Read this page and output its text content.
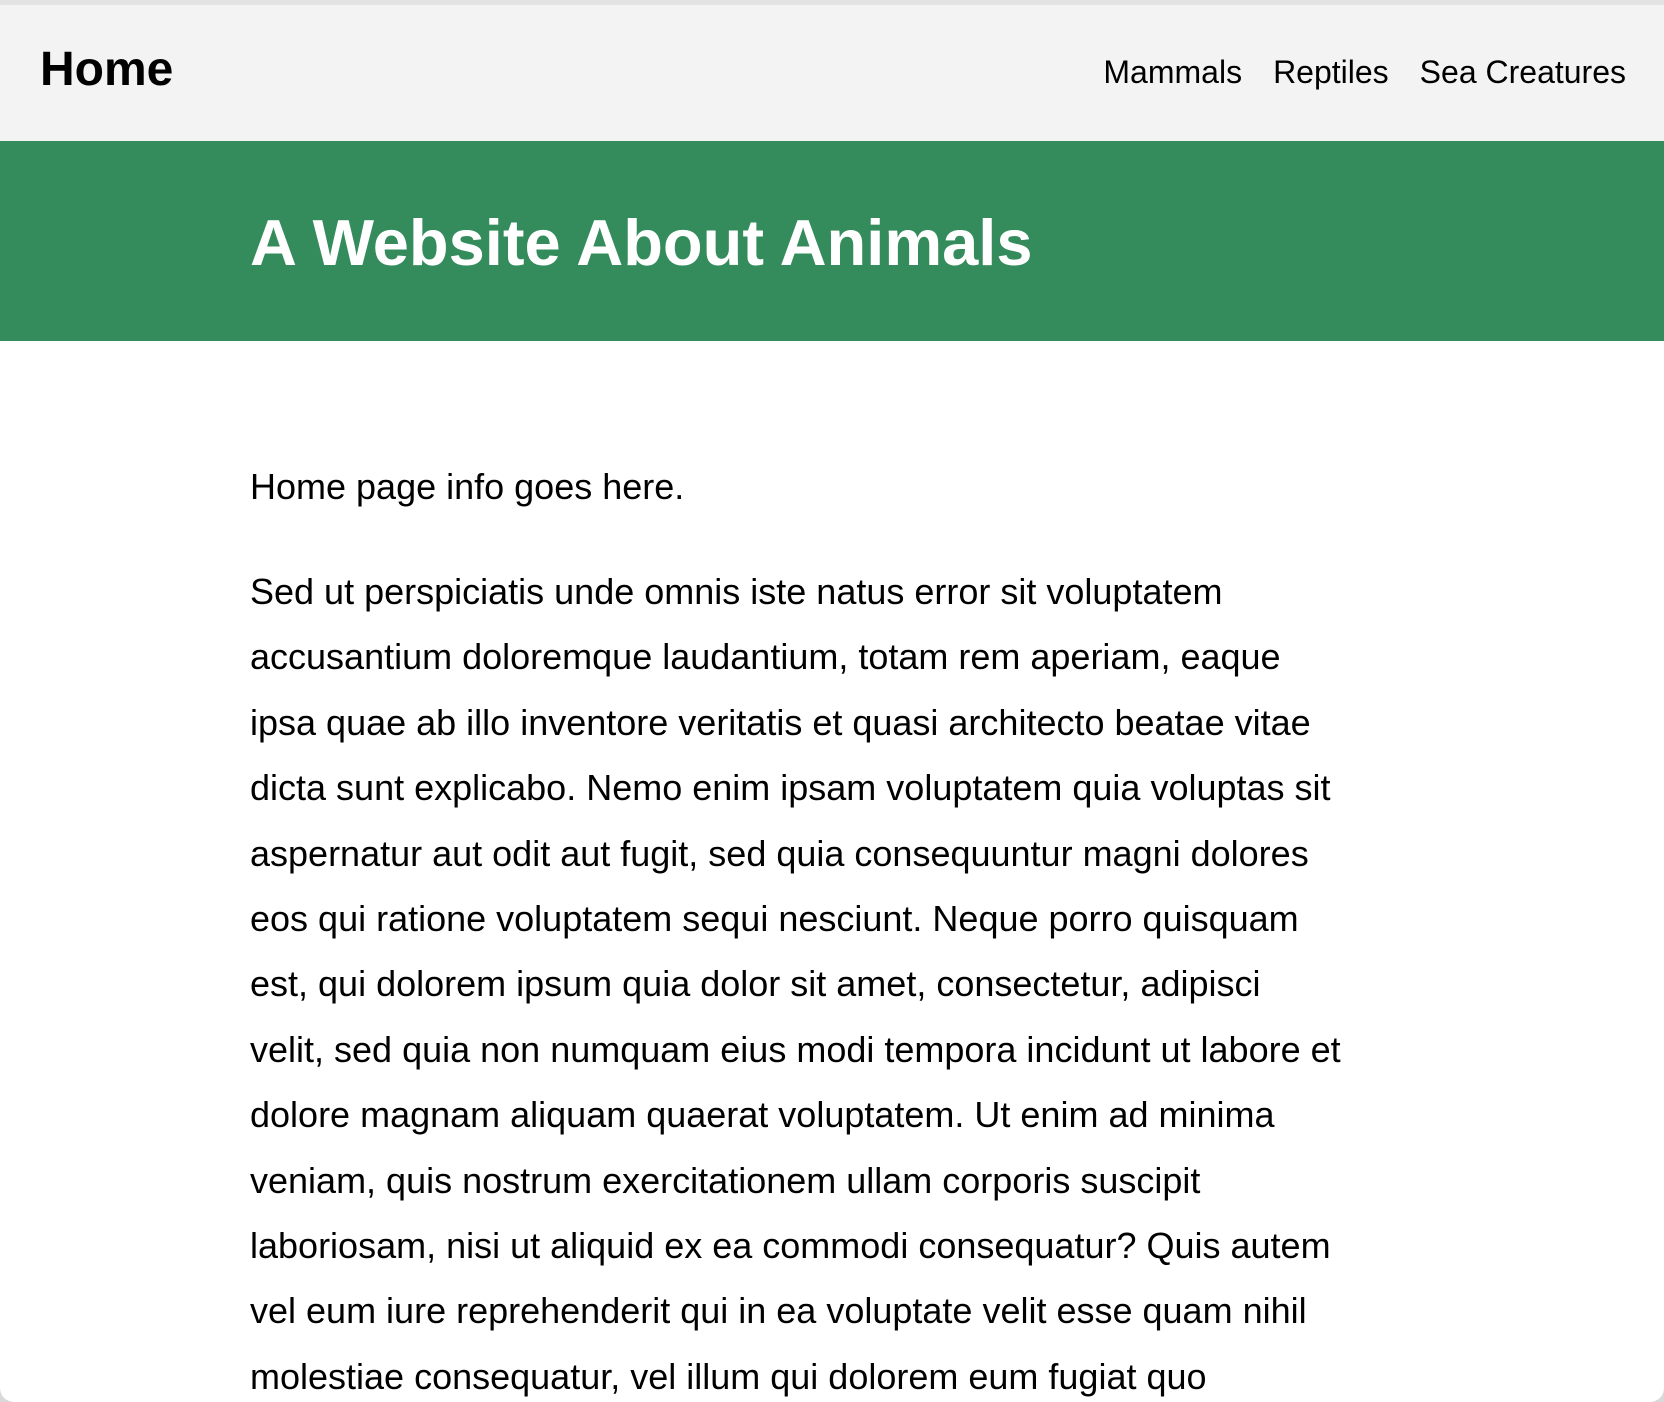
Home	Mammals Reptiles Sea Creatures
A Website About Animals

Home page info goes here.

Sed ut perspiciatis unde omnis iste natus error sit voluptatem
accusantium doloremque laudantium, totam rem aperiam, eaque
ipsa quae ab illo inventore veritatis et quasi architecto beatae vitae
dicta sunt explicabo. Nemo enim ipsam voluptatem quia voluptas sit
aspernatur aut odit aut fugit, sed quia consequuntur magni dolores
eos qui ratione voluptatem sequi nesciunt. Neque porro quisquam
est, qui dolorem ipsum quia dolor sit amet, consectetur, adipisci
velit, sed quia non numquam eius modi tempora incidunt ut labore et
dolore magnam aliquam quaerat voluptatem. Ut enim ad minima
veniam, quis nostrum exercitationem ullam corporis suscipit
laboriosam, nisi ut aliquid ex ea commodi consequatur? Quis autem
vel eum iure reprehenderit qui in ea voluptate velit esse quam nihil
molestiae consequatur, vel illum qui dolorem eum fugiat quo
